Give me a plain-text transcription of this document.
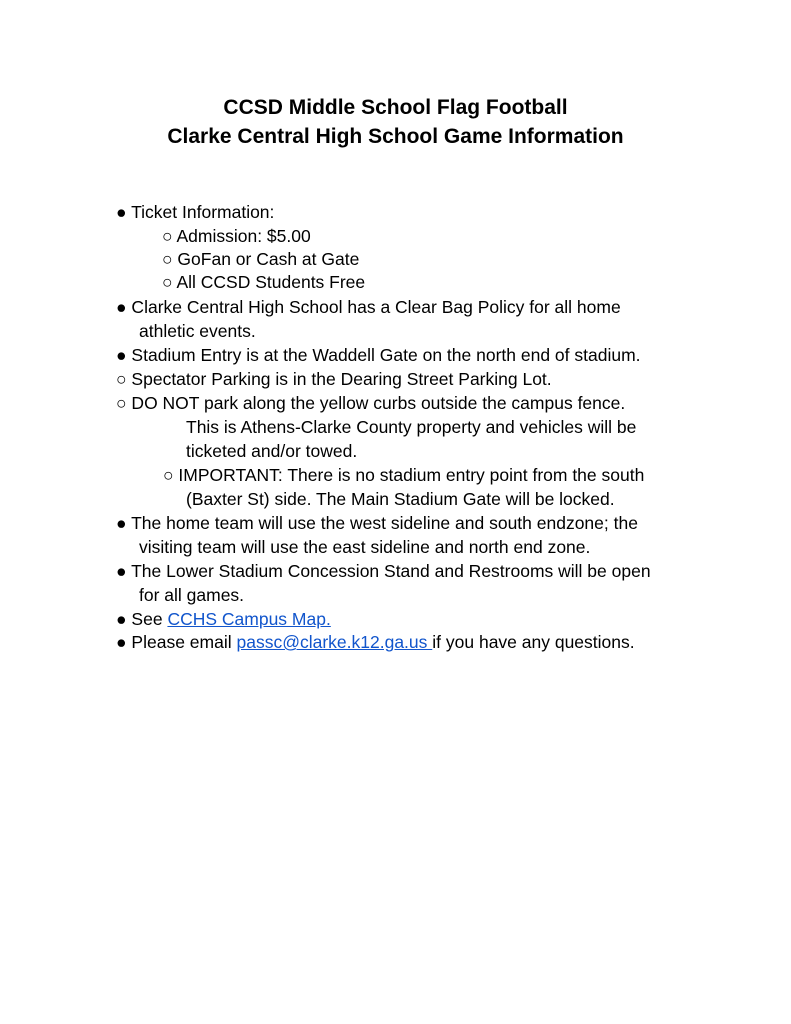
CCSD Middle School Flag Football
Clarke Central High School Game Information
● Ticket Information:
○ Admission: $5.00
○ GoFan or Cash at Gate
○ All CCSD Students Free
● Clarke Central High School has a Clear Bag Policy for all home
athletic events.
● Stadium Entry is at the Waddell Gate on the north end of stadium.
○ Spectator Parking is in the Dearing Street Parking Lot.
○ DO NOT park along the yellow curbs outside the campus fence.
This is Athens-Clarke County property and vehicles will be
ticketed and/or towed.
○ IMPORTANT: There is no stadium entry point from the south
(Baxter St) side. The Main Stadium Gate will be locked.
● The home team will use the west sideline and south endzone; the
visiting team will use the east sideline and north end zone.
● The Lower Stadium Concession Stand and Restrooms will be open
for all games.
● See CCHS Campus Map.
● Please email passc@clarke.k12.ga.us if you have any questions.
